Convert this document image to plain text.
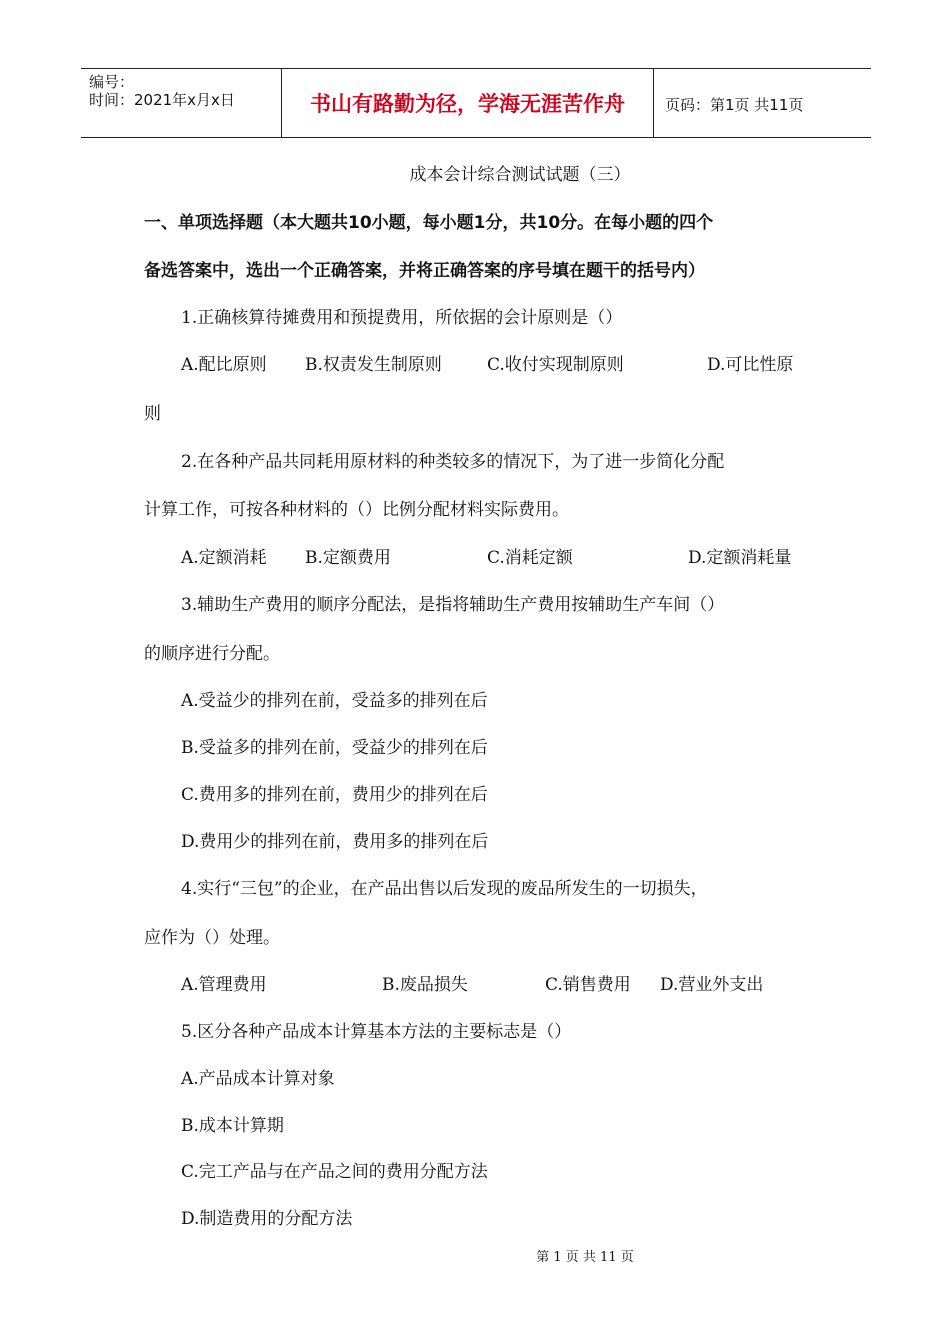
编号：
时间：2021年x月x日	书山有路勤为径，学海无涯苦作舟	页码：第1页 共11页
成本会计综合测试试题（三）
一、单项选择题（本大题共10小题，每小题1分，共10分。在每小题的四个
备选答案中，选出一个正确答案，并将正确答案的序号填在题干的括号内）
1.正确核算待摊费用和预提费用，所依据的会计原则是（）
A.配比原则 B.权责发生制原则	C.收付实现制原则	D.可比性原
则
2.在各种产品共同耗用原材料的种类较多的情况下，为了进一步简化分配
计算工作，可按各种材料的（）比例分配材料实际费用。
A.定额消耗 B.定额费用	C.消耗定额	D.定额消耗量
3.辅助生产费用的顺序分配法，是指将辅助生产费用按辅助生产车间（）
的顺序进行分配。
A.受益少的排列在前，受益多的排列在后
B.受益多的排列在前，受益少的排列在后
C.费用多的排列在前，费用少的排列在后
D.费用少的排列在前，费用多的排列在后
4.实行“三包”的企业，在产品出售以后发现的废品所发生的一切损失，
应作为（）处理。
A.管理费用	B.废品损失	C.销售费用 D.营业外支出
5.区分各种产品成本计算基本方法的主要标志是（）
A.产品成本计算对象
B.成本计算期
C.完工产品与在产品之间的费用分配方法
D.制造费用的分配方法
第 1 页 共 11 页
